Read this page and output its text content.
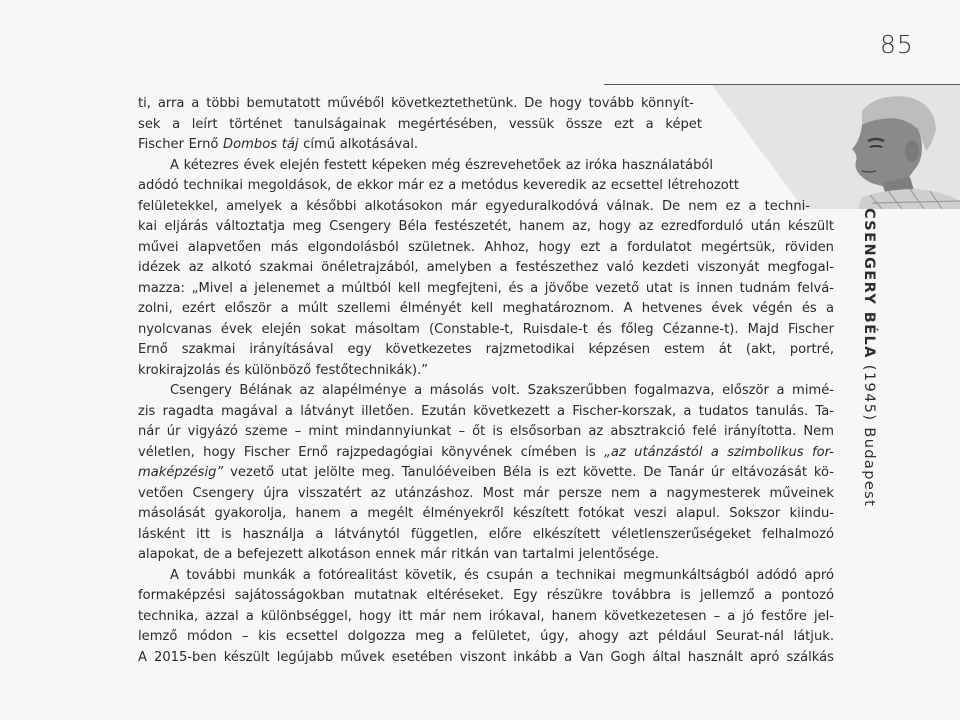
85
CSENGERY BÉLA (1945) Budapest
ti, arra a többi bemutatott művéből következtethetünk. De hogy tovább könnyít-
sek a leírt történet tanulságainak megértésében, vessük össze ezt a képet
Fischer Ernő Dombos táj című alkotásával.
A kétezres évek elején festett képeken még észrevehetőek az iróka használatából
adódó technikai megoldások, de ekkor már ez a metódus keveredik az ecsettel létrehozott
felületekkel, amelyek a későbbi alkotásokon már egyeduralkodóvá válnak. De nem ez a techni-
kai eljárás változtatja meg Csengery Béla festészetét, hanem az, hogy az ezredforduló után készült
művei alapvetően más elgondolásból születnek. Ahhoz, hogy ezt a fordulatot megértsük, röviden
idézek az alkotó szakmai önéletrajzából, amelyben a festészethez való kezdeti viszonyát megfogal-
mazza: „Mivel a jelenemet a múltból kell megfejteni, és a jövőbe vezető utat is innen tudnám felvá-
zolni, ezért először a múlt szellemi élményét kell meghatároznom. A hetvenes évek végén és a
nyolcvanas évek elején sokat másoltam (Constable-t, Ruisdale-t és főleg Cézanne-t). Majd Fischer
Ernő szakmai irányításával egy következetes rajzmetodikai képzésen estem át (akt, portré,
krokirajzolás és különböző festőtechnikák).”
Csengery Bélának az alapélménye a másolás volt. Szakszerűbben fogalmazva, először a mimé-
zis ragadta magával a látványt illetően. Ezután következett a Fischer-korszak, a tudatos tanulás. Ta-
nár úr vigyázó szeme – mint mindannyiunkat – őt is elsősorban az absztrakció felé irányította. Nem
véletlen, hogy Fischer Ernő rajzpedagógiai könyvének címében is „az utánzástól a szimbolikus for-
maképzésig” vezető utat jelölte meg. Tanulóéveiben Béla is ezt követte. De Tanár úr eltávozását kö-
vetően Csengery újra visszatért az utánzáshoz. Most már persze nem a nagymesterek műveinek
másolását gyakorolja, hanem a megélt élményekről készített fotókat veszi alapul. Sokszor kiindu-
lásként itt is használja a látványtól független, előre elkészített véletlenszerűségeket felhalmozó
alapokat, de a befejezett alkotáson ennek már ritkán van tartalmi jelentősége.
A további munkák a fotórealitást követik, és csupán a technikai megmunkáltságból adódó apró
formaképzési sajátosságokban mutatnak eltéréseket. Egy részükre továbbra is jellemző a pontozó
technika, azzal a különbséggel, hogy itt már nem irókaval, hanem következetesen – a jó festőre jel-
lemző módon – kis ecsettel dolgozza meg a felületet, úgy, ahogy azt például Seurat-nál látjuk.
A 2015-ben készült legújabb művek esetében viszont inkább a Van Gogh által használt apró szálkás
